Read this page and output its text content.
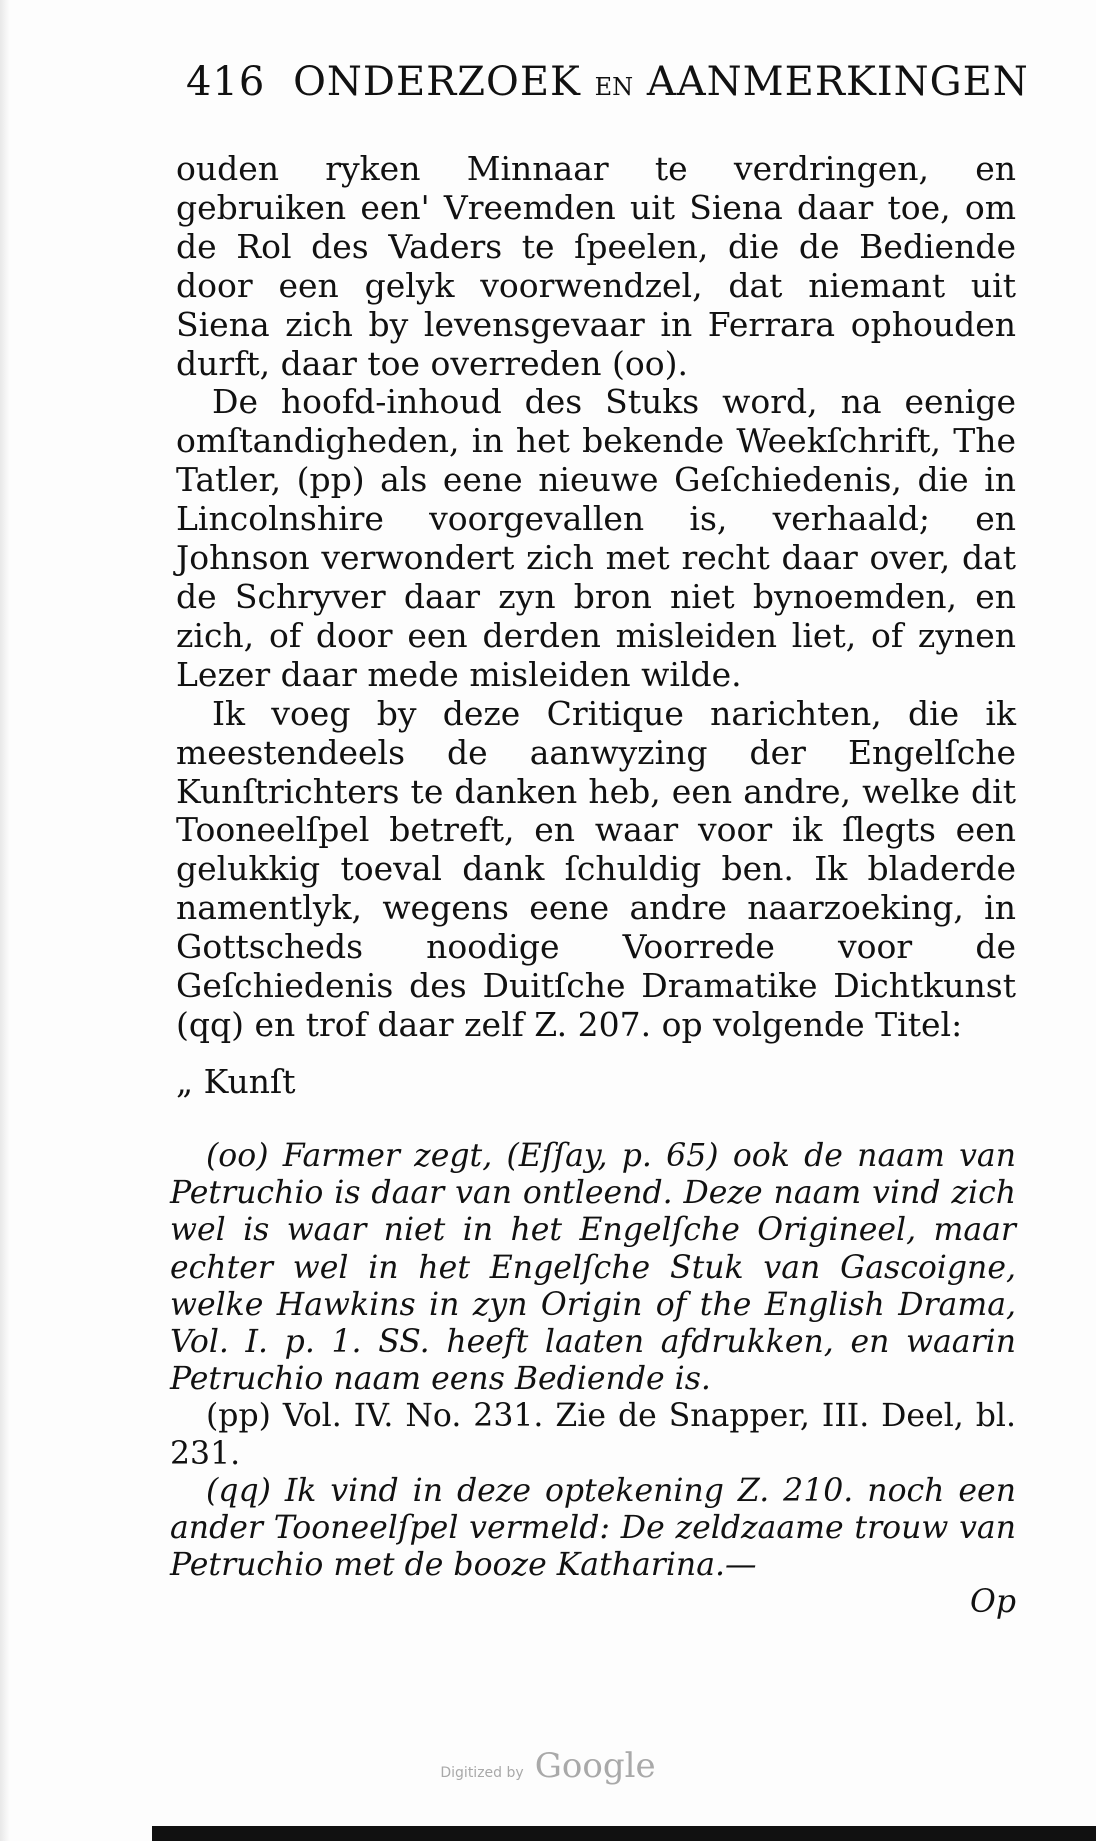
416 ONDERZOEK EN AANMERKINGEN

ouden ryken Minnaar te verdringen, en gebruiken een' Vreemden uit Siena daar toe, om de Rol des Vaders te ſpeelen, die de Bediende door een gelyk voorwendzel, dat niemant uit Siena zich by levensgevaar in Ferrara ophouden durft, daar toe overreden (oo).

De hoofd-inhoud des Stuks word, na eenige omſtandigheden, in het bekende Weekſchrift, The Tatler, (pp) als eene nieuwe Geſchiedenis, die in Lincolnshire voorgevallen is, verhaald; en Johnson verwondert zich met recht daar over, dat de Schryver daar zyn bron niet bynoemden, en zich, of door een derden misleiden liet, of zynen Lezer daar mede misleiden wilde.

Ik voeg by deze Critique narichten, die ik meestendeels de aanwyzing der Engelſche Kunſtrichters te danken heb, een andre, welke dit Tooneelſpel betreft, en waar voor ik ſlegts een gelukkig toeval dank ſchuldig ben. Ik bladerde namentlyk, wegens eene andre naarzoeking, in Gottscheds noodige Voorrede voor de Geſchiedenis des Duitſche Dramatike Dichtkunst (qq) en trof daar zelf Z. 207. op volgende Titel:

„ Kunſt

(oo) Farmer zegt, (Eſſay, p. 65) ook de naam van Petruchio is daar van ontleend. Deze naam vind zich wel is waar niet in het Engelſche Origineel, maar echter wel in het Engelſche Stuk van Gascoigne, welke Hawkins in zyn Origin of the English Drama, Vol. I. p. 1. SS. heeft laaten afdrukken, en waarin Petruchio naam eens Bediende is.

(pp) Vol. IV. No. 231. Zie de Snapper, III. Deel, bl. 231.

(qq) Ik vind in deze optekening Z. 210. noch een ander Tooneelſpel vermeld: De zeldzaame trouw van Petruchio met de booze Katharina.—

Op

Digitized by Google
